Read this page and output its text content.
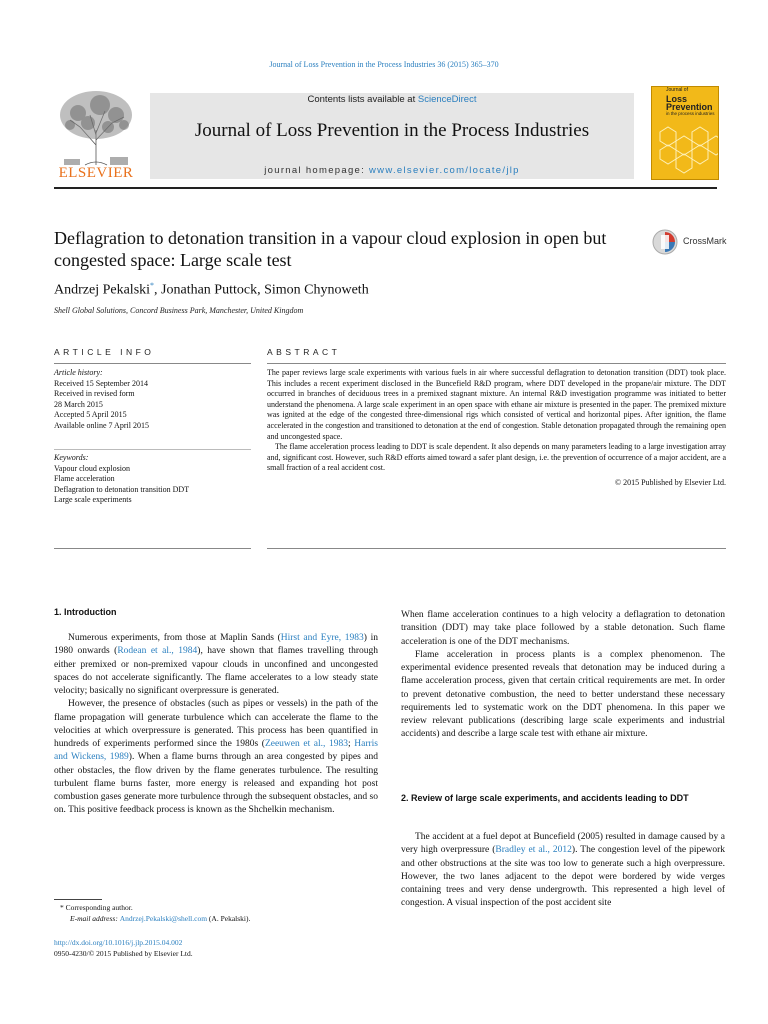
Journal of Loss Prevention in the Process Industries 36 (2015) 365–370
ELSEVIER
Contents lists available at ScienceDirect
Journal of Loss Prevention in the Process Industries
journal homepage: www.elsevier.com/locate/jlp
Journal of
Loss
Prevention
in the process industries
Deflagration to detonation transition in a vapour cloud explosion in open but congested space: Large scale test
CrossMark
Andrzej Pekalski*, Jonathan Puttock, Simon Chynoweth
Shell Global Solutions, Concord Business Park, Manchester, United Kingdom
ARTICLE INFO	ABSTRACT
Article history:
Received 15 September 2014
Received in revised form
28 March 2015
Accepted 5 April 2015
Available online 7 April 2015
Keywords:
Vapour cloud explosion
Flame acceleration
Deflagration to detonation transition DDT
Large scale experiments

The paper reviews large scale experiments with various fuels in air where successful deflagration to detonation transition (DDT) took place. This includes a recent experiment disclosed in the Buncefield R&D program, where DDT developed in the propane/air mixture. The DDT occurred in branches of deciduous trees in a premixed stagnant mixture. An internal R&D investigation programme was initiated to better understand the phenomena. A large scale experiment in an open space with ethane air mixture is presented in the paper. The premixed mixture was ignited at the edge of the congested three-dimensional rigs which consisted of vertical and horizontal pipes. After ignition, the flame accelerated in the congestion and transitioned to detonation at the end of congestion. Stable detonation propagated through the remaining open and uncongested space.

The flame acceleration process leading to DDT is scale dependent. It also depends on many parameters leading to a large investigation array and, significant cost. However, such R&D efforts aimed toward a safer plant design, i.e. the prevention of occurrence of a major accident, are a small fraction of a real accident cost.

© 2015 Published by Elsevier Ltd.

1. Introduction

Numerous experiments, from those at Maplin Sands (Hirst and Eyre, 1983) in 1980 onwards (Rodean et al., 1984), have shown that flames travelling through either premixed or non-premixed vapour clouds in unconfined and uncongested spaces do not accelerate significantly. The flame accelerates to a low steady state velocity; basically no significant overpressure is generated.

However, the presence of obstacles (such as pipes or vessels) in the path of the flame propagation will generate turbulence which can accelerate the flame to the velocities at which overpressure is generated. This process has been quantified in hundreds of experiments performed since the 1980s (Zeeuwen et al., 1983; Harris and Wickens, 1989). When a flame burns through an area congested by pipes and other obstacles, the flow driven by the flame generates turbulence. The resulting turbulent flame burns faster, more energy is released and expanding hot post combustion gases generate more turbulence through the subsequent obstacles, and so on. This positive feedback process is known as the Shchelkin mechanism.

When flame acceleration continues to a high velocity a deflagration to detonation transition (DDT) may take place followed by a stable detonation. Such flame acceleration is one of the DDT mechanisms.

Flame acceleration in process plants is a complex phenomenon. The experimental evidence presented reveals that detonation may be induced during a flame acceleration process, given that certain critical requirements are met. In order to prevent detonative combustion, the need to better understand these necessary requirements led to systematic work on the DDT phenomena. In this paper we review relevant publications (describing large scale experiments and industrial accidents) and describe a large scale test with ethane air mixture.

2. Review of large scale experiments, and accidents leading to DDT

The accident at a fuel depot at Buncefield (2005) resulted in damage caused by a very high overpressure (Bradley et al., 2012). The congestion level of the pipework and other obstructions at the site was too low to generate such a high overpressure. However, the two lanes adjacent to the depot were bordered by wide verges containing trees and very dense undergrowth. This represented a high level of congestion. A visual inspection of the post accident site

* Corresponding author.
E-mail address: Andrzej.Pekalski@shell.com (A. Pekalski).
http://dx.doi.org/10.1016/j.jlp.2015.04.002
0950-4230/© 2015 Published by Elsevier Ltd.
